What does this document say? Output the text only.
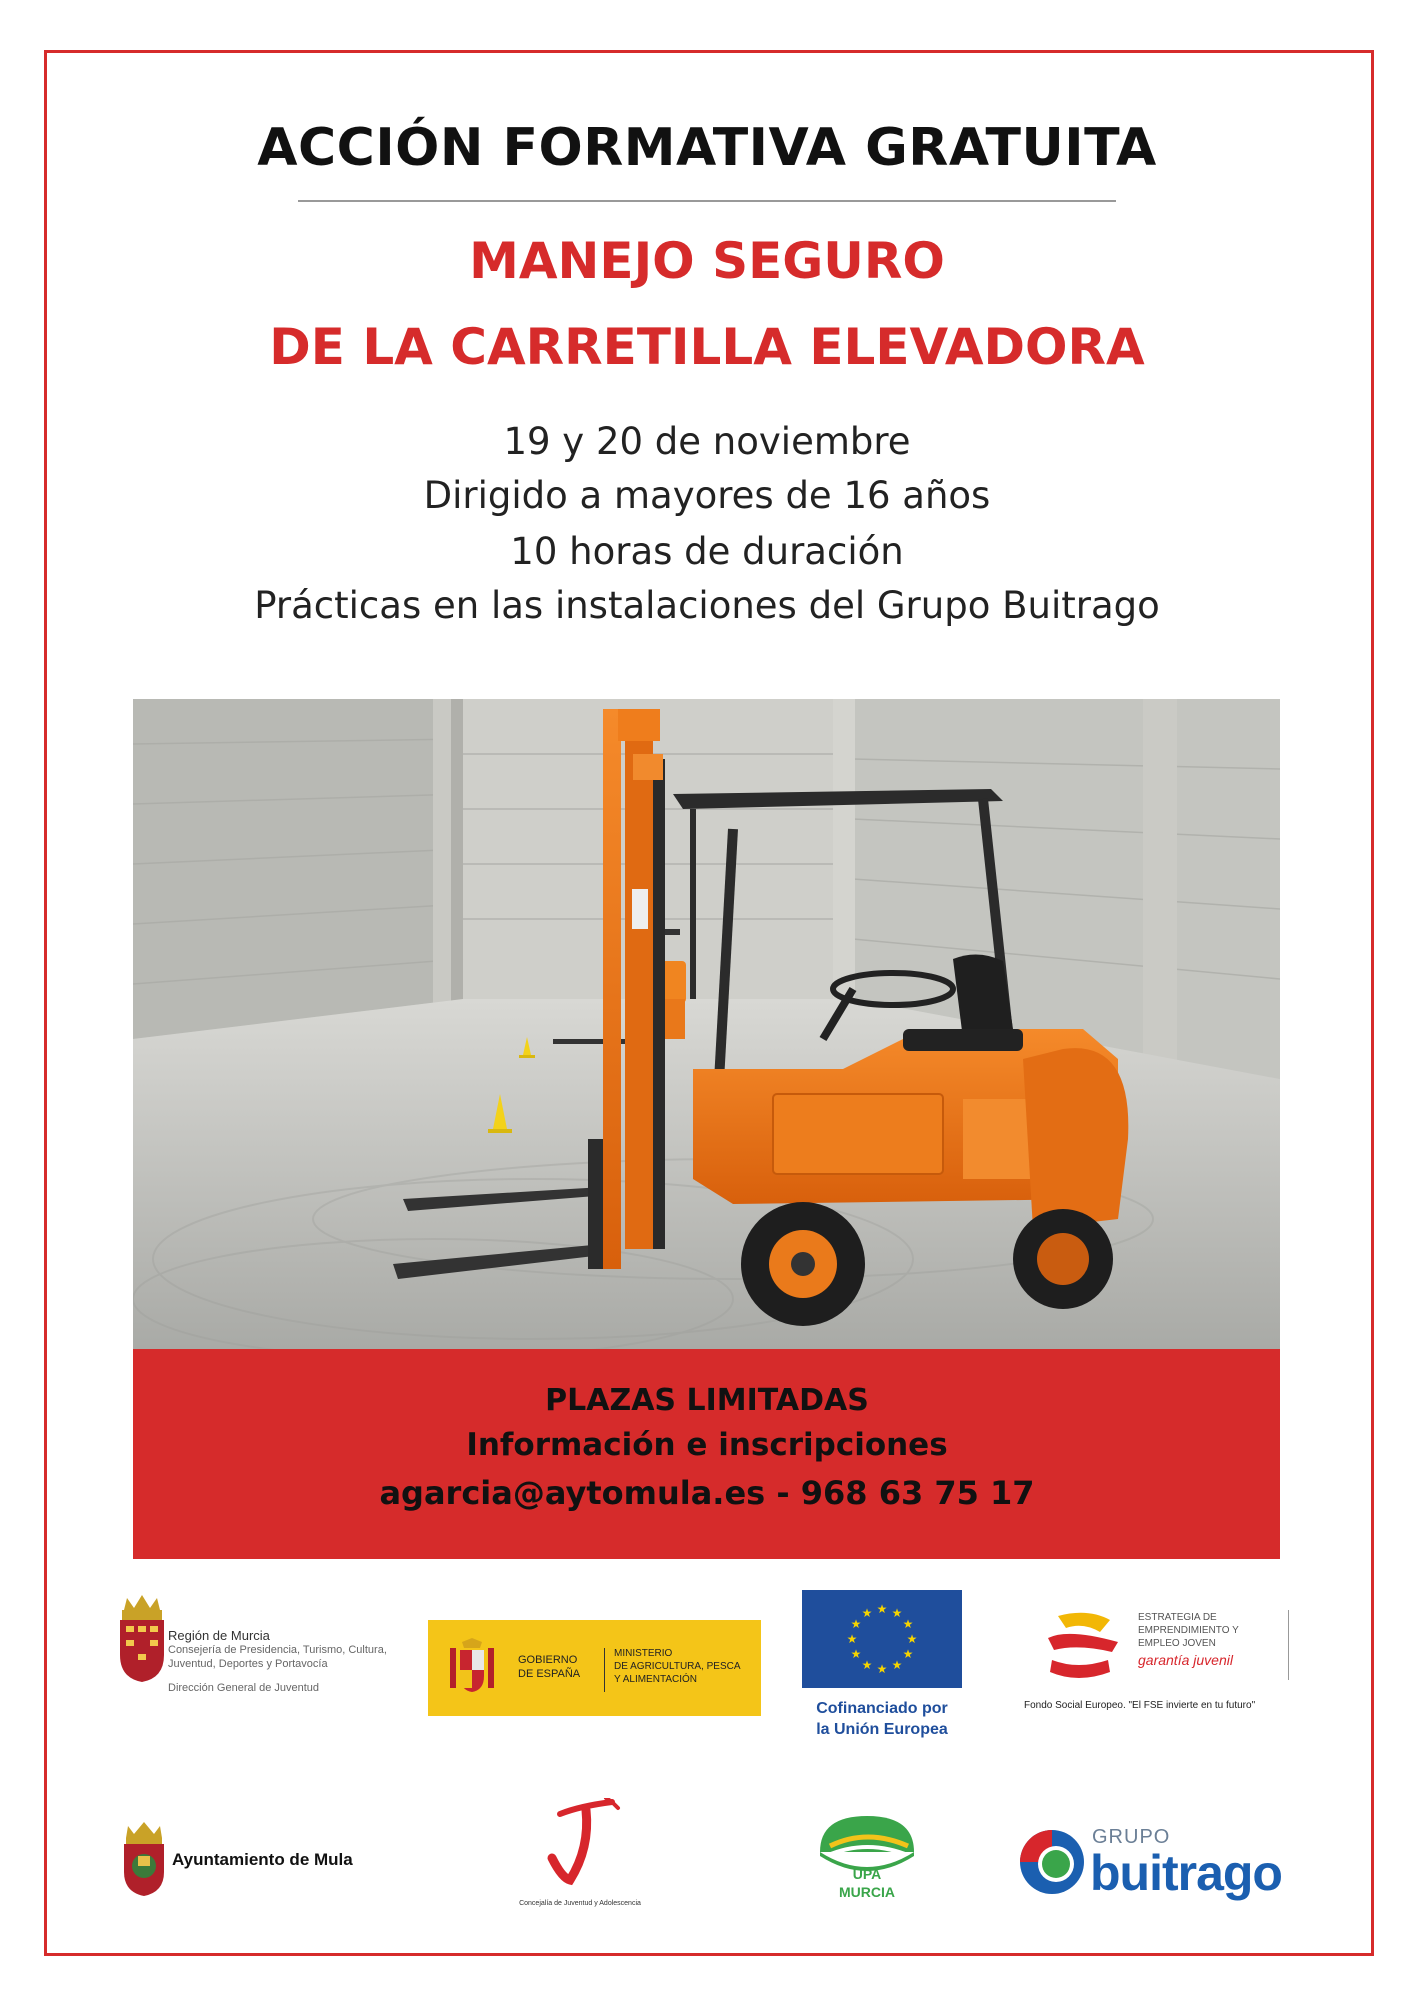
ACCIÓN FORMATIVA GRATUITA
MANEJO SEGURO
DE LA CARRETILLA ELEVADORA
19 y 20 de noviembre
Dirigido a mayores de 16 años
10 horas de duración
Prácticas en las instalaciones del Grupo Buitrago
PLAZAS LIMITADAS
Información e inscripciones
agarcia@aytomula.es - 968 63 75 17
Región de Murcia
Consejería de Presidencia, Turismo, Cultura,
Juventud, Deportes y Portavocía
Dirección General de Juventud
GOBIERNO
DE ESPAÑA
MINISTERIO
DE AGRICULTURA, PESCA
Y ALIMENTACIÓN
★ ★
★
★
★
★
★
★
★
★
★
★
Cofinanciado por
la Unión Europea
ESTRATEGIA DE
EMPRENDIMIENTO Y
EMPLEO JOVEN
garantía juvenil
Fondo Social Europeo. "El FSE invierte en tu futuro"
Ayuntamiento de Mula
Concejalía de Juventud y Adolescencia
UPA
MURCIA
GRUPO
buitrago
